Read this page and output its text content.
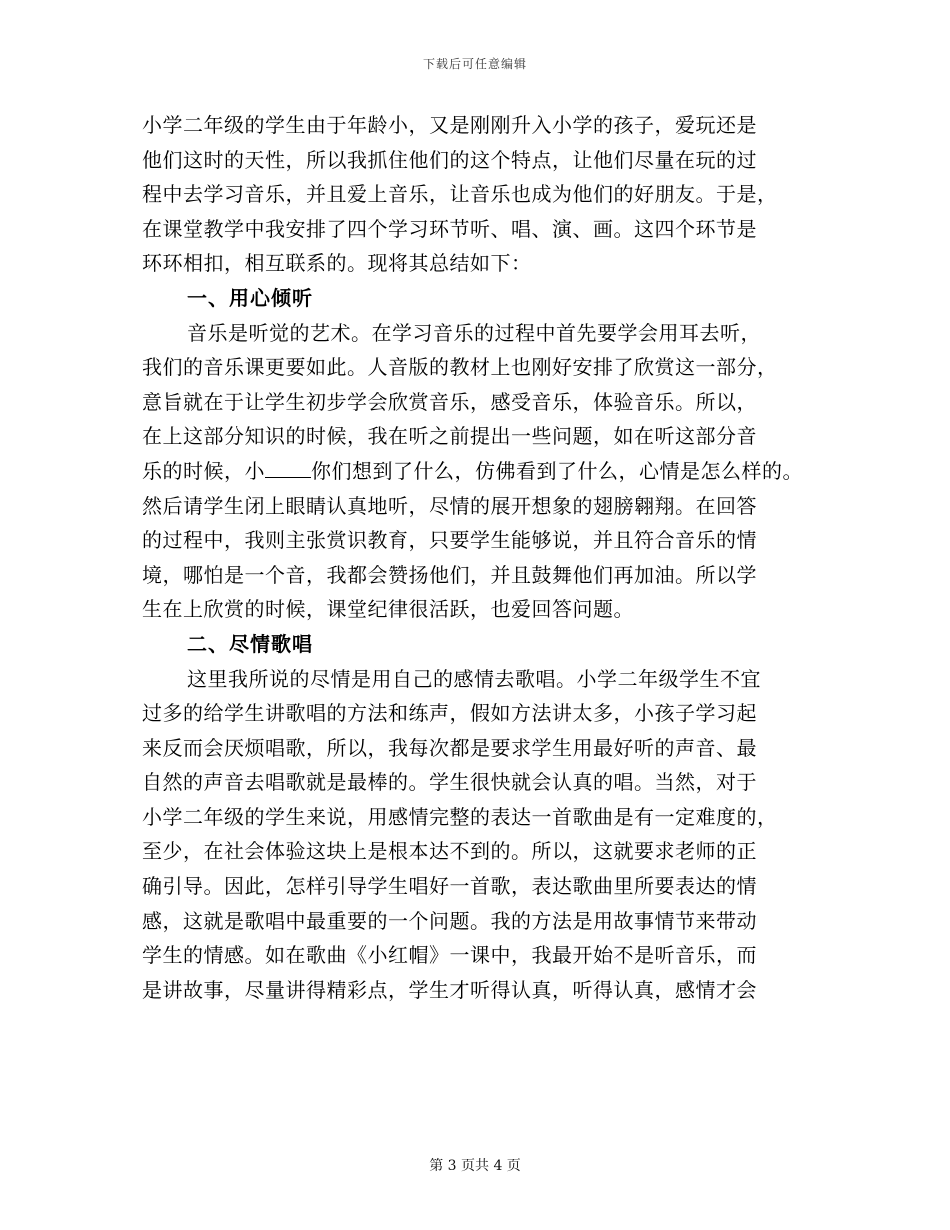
下载后可任意编辑

小学二年级的学生由于年龄小，又是刚刚升入小学的孩子，爱玩还是
他们这时的天性，所以我抓住他们的这个特点，让他们尽量在玩的过
程中去学习音乐，并且爱上音乐，让音乐也成为他们的好朋友。于是，
在课堂教学中我安排了四个学习环节听、唱、演、画。这四个环节是
环环相扣，相互联系的。现将其总结如下：

一、用心倾听

音乐是听觉的艺术。在学习音乐的过程中首先要学会用耳去听，
我们的音乐课更要如此。人音版的教材上也刚好安排了欣赏这一部分，
意旨就在于让学生初步学会欣赏音乐，感受音乐，体验音乐。所以，
在上这部分知识的时候，我在听之前提出一些问题，如在听这部分音
乐的时候，小 你们想到了什么，仿佛看到了什么，心情是怎么样的。
然后请学生闭上眼睛认真地听，尽情的展开想象的翅膀翱翔。在回答
的过程中，我则主张赏识教育，只要学生能够说，并且符合音乐的情
境，哪怕是一个音，我都会赞扬他们，并且鼓舞他们再加油。所以学
生在上欣赏的时候，课堂纪律很活跃，也爱回答问题。

二、尽情歌唱

这里我所说的尽情是用自己的感情去歌唱。小学二年级学生不宜
过多的给学生讲歌唱的方法和练声，假如方法讲太多，小孩子学习起
来反而会厌烦唱歌，所以，我每次都是要求学生用最好听的声音、最
自然的声音去唱歌就是最棒的。学生很快就会认真的唱。当然，对于
小学二年级的学生来说，用感情完整的表达一首歌曲是有一定难度的，
至少，在社会体验这块上是根本达不到的。所以，这就要求老师的正
确引导。因此，怎样引导学生唱好一首歌，表达歌曲里所要表达的情
感，这就是歌唱中最重要的一个问题。我的方法是用故事情节来带动
学生的情感。如在歌曲《小红帽》一课中，我最开始不是听音乐，而
是讲故事，尽量讲得精彩点，学生才听得认真，听得认真，感情才会

第 3 页共 4 页
